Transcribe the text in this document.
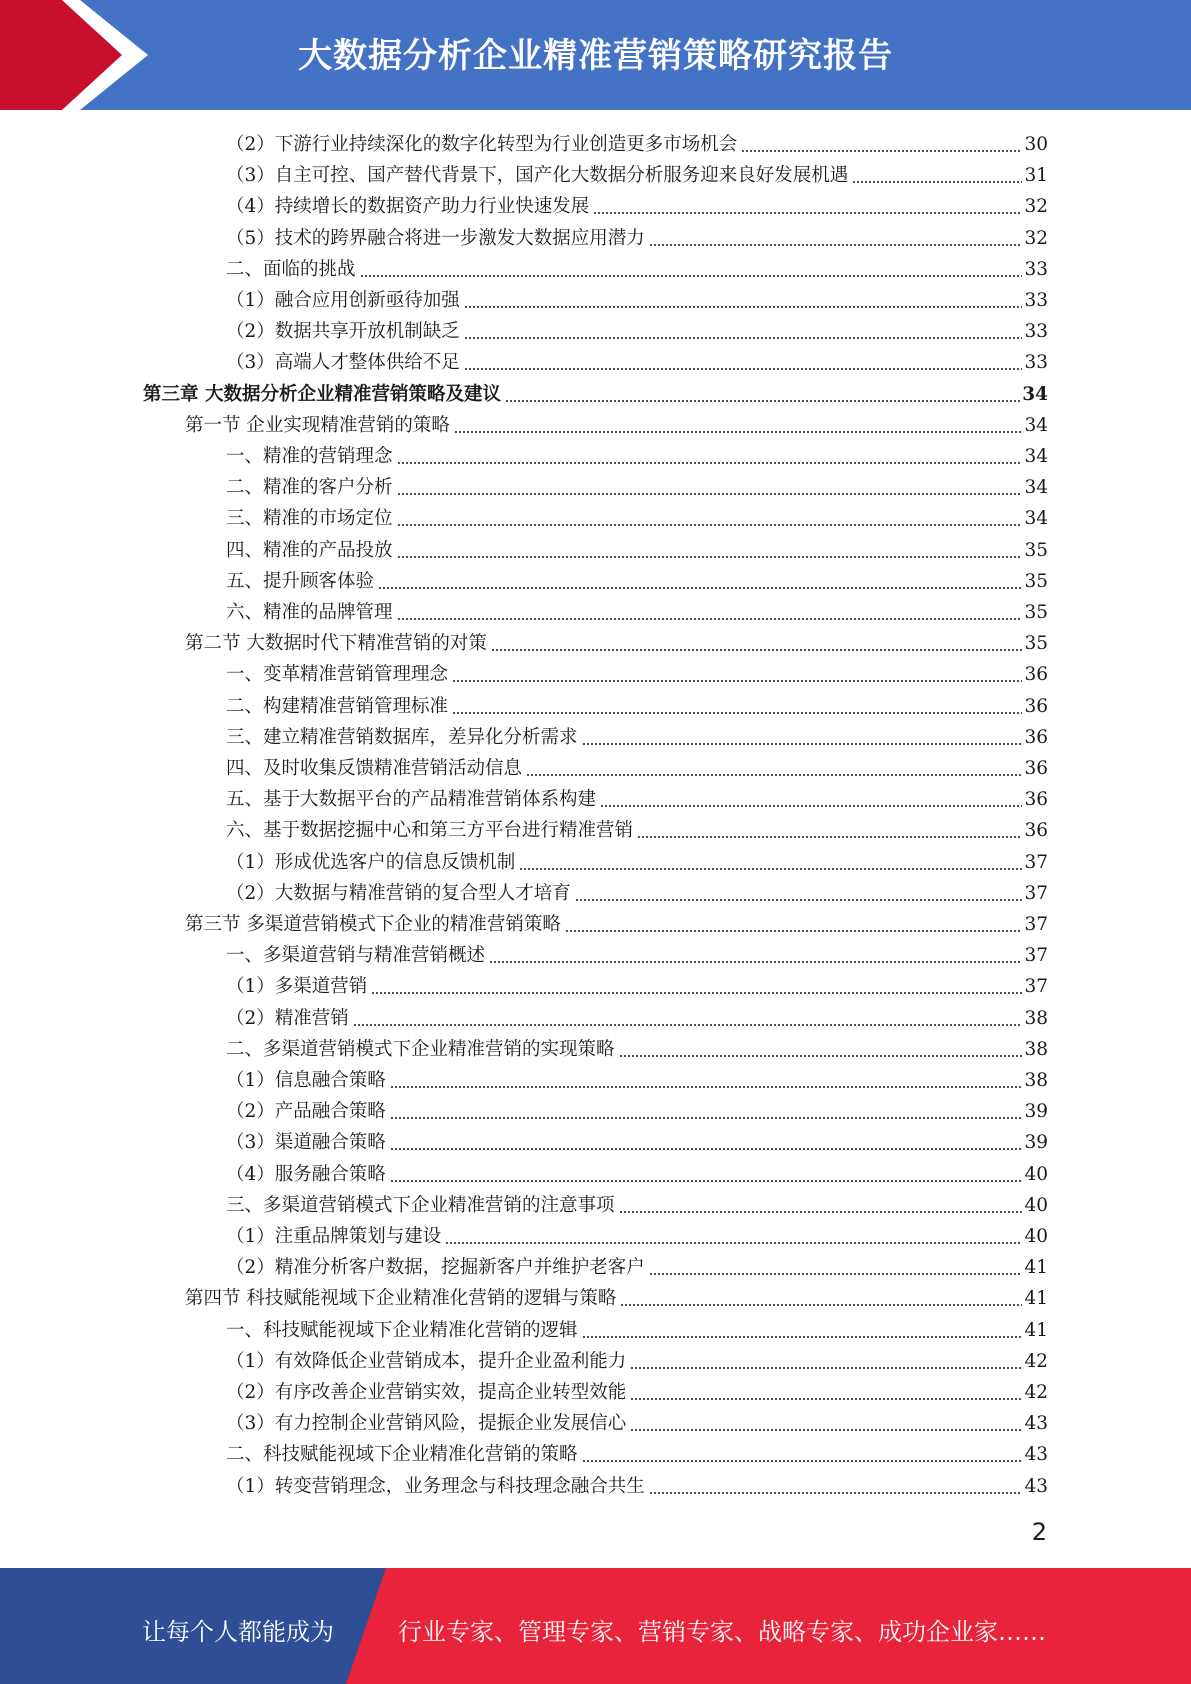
大数据分析企业精准营销策略研究报告
（2）下游行业持续深化的数字化转型为行业创造更多市场机会	30
（3）自主可控、国产替代背景下，国产化大数据分析服务迎来良好发展机遇	31
（4）持续增长的数据资产助力行业快速发展	32
（5）技术的跨界融合将进一步激发大数据应用潜力	32
二、面临的挑战	33
（1）融合应用创新亟待加强	33
（2）数据共享开放机制缺乏	33
（3）高端人才整体供给不足	33
第三章 大数据分析企业精准营销策略及建议	34
第一节 企业实现精准营销的策略	34
一、精准的营销理念	34
二、精准的客户分析	34
三、精准的市场定位	34
四、精准的产品投放	35
五、提升顾客体验	35
六、精准的品牌管理	35
第二节 大数据时代下精准营销的对策	35
一、变革精准营销管理理念	36
二、构建精准营销管理标准	36
三、建立精准营销数据库，差异化分析需求	36
四、及时收集反馈精准营销活动信息	36
五、基于大数据平台的产品精准营销体系构建	36
六、基于数据挖掘中心和第三方平台进行精准营销	36
（1）形成优选客户的信息反馈机制	37
（2）大数据与精准营销的复合型人才培育	37
第三节 多渠道营销模式下企业的精准营销策略	37
一、多渠道营销与精准营销概述	37
（1）多渠道营销	37
（2）精准营销	38
二、多渠道营销模式下企业精准营销的实现策略	38
（1）信息融合策略	38
（2）产品融合策略	39
（3）渠道融合策略	39
（4）服务融合策略	40
三、多渠道营销模式下企业精准营销的注意事项	40
（1）注重品牌策划与建设	40
（2）精准分析客户数据，挖掘新客户并维护老客户	41
第四节 科技赋能视域下企业精准化营销的逻辑与策略	41
一、科技赋能视域下企业精准化营销的逻辑	41
（1）有效降低企业营销成本，提升企业盈利能力	42
（2）有序改善企业营销实效，提高企业转型效能	42
（3）有力控制企业营销风险，提振企业发展信心	43
二、科技赋能视域下企业精准化营销的策略	43
（1）转变营销理念，业务理念与科技理念融合共生	43
2
让每个人都能成为	行业专家、管理专家、营销专家、战略专家、成功企业家……
